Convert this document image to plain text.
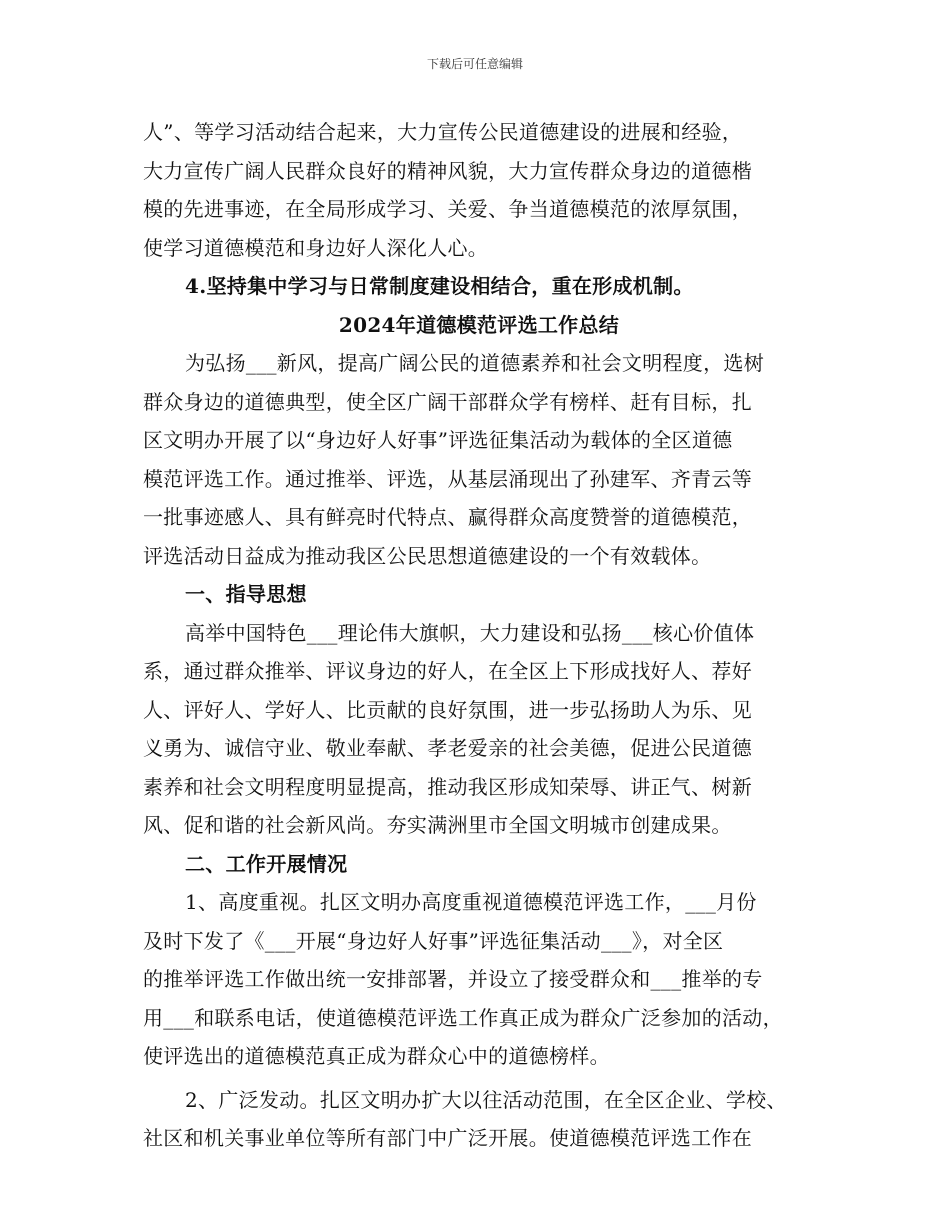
下载后可任意编辑
人”、等学习活动结合起来，大力宣传公民道德建设的进展和经验，
大力宣传广阔人民群众良好的精神风貌，大力宣传群众身边的道德楷
模的先进事迹，在全局形成学习、关爱、争当道德模范的浓厚氛围，
使学习道德模范和身边好人深化人心。
4.坚持集中学习与日常制度建设相结合，重在形成机制。
2024年道德模范评选工作总结
为弘扬___新风，提高广阔公民的道德素养和社会文明程度，选树
群众身边的道德典型，使全区广阔干部群众学有榜样、赶有目标，扎
区文明办开展了以“身边好人好事”评选征集活动为载体的全区道德
模范评选工作。通过推举、评选，从基层涌现出了孙建军、齐青云等
一批事迹感人、具有鲜亮时代特点、赢得群众高度赞誉的道德模范，
评选活动日益成为推动我区公民思想道德建设的一个有效载体。
一、指导思想
高举中国特色___理论伟大旗帜，大力建设和弘扬___核心价值体
系，通过群众推举、评议身边的好人，在全区上下形成找好人、荐好
人、评好人、学好人、比贡献的良好氛围，进一步弘扬助人为乐、见
义勇为、诚信守业、敬业奉献、孝老爱亲的社会美德，促进公民道德
素养和社会文明程度明显提高，推动我区形成知荣辱、讲正气、树新
风、促和谐的社会新风尚。夯实满洲里市全国文明城市创建成果。
二、工作开展情况
1、高度重视。扎区文明办高度重视道德模范评选工作，___月份
及时下发了《___开展“身边好人好事”评选征集活动___》，对全区
的推举评选工作做出统一安排部署，并设立了接受群众和___推举的专
用___和联系电话，使道德模范评选工作真正成为群众广泛参加的活动，
使评选出的道德模范真正成为群众心中的道德榜样。
2、广泛发动。扎区文明办扩大以往活动范围，在全区企业、学校、
社区和机关事业单位等所有部门中广泛开展。使道德模范评选工作在
